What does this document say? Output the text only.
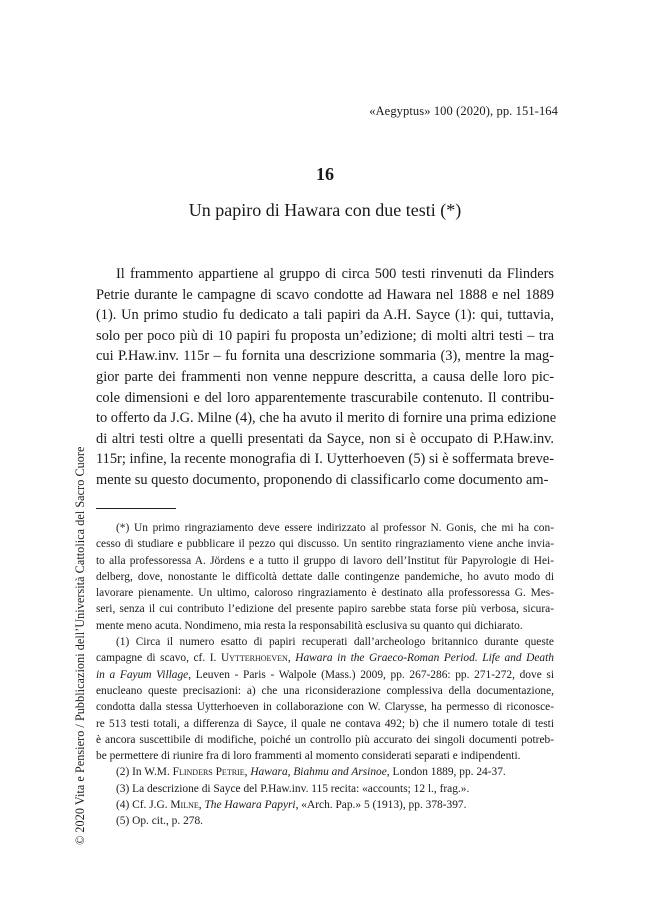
«Aegyptus» 100 (2020), pp. 151-164
16
Un papiro di Hawara con due testi (*)
Il frammento appartiene al gruppo di circa 500 testi rinvenuti da Flinders
Petrie durante le campagne di scavo condotte ad Hawara nel 1888 e nel 1889
(1). Un primo studio fu dedicato a tali papiri da A.H. Sayce (1): qui, tuttavia,
solo per poco più di 10 papiri fu proposta un’edizione; di molti altri testi – tra
cui P.Haw.inv. 115r – fu fornita una descrizione sommaria (3), mentre la mag-
gior parte dei frammenti non venne neppure descritta, a causa delle loro pic-
cole dimensioni e del loro apparentemente trascurabile contenuto. Il contribu-
to offerto da J.G. Milne (4), che ha avuto il merito di fornire una prima edizione
di altri testi oltre a quelli presentati da Sayce, non si è occupato di P.Haw.inv.
115r; infine, la recente monografia di I. Uytterhoeven (5) si è soffermata breve-
mente su questo documento, proponendo di classificarlo come documento am-
© 2020 Vita e Pensiero / Pubblicazioni dell’Università Cattolica del Sacro Cuore	(*) Un primo ringraziamento deve essere indirizzato al professor N. Gonis, che mi ha con-
cesso di studiare e pubblicare il pezzo qui discusso. Un sentito ringraziamento viene anche invia-
to alla professoressa A. Jördens e a tutto il gruppo di lavoro dell’Institut für Papyrologie di Hei-
delberg, dove, nonostante le difficoltà dettate dalle contingenze pandemiche, ho avuto modo di
lavorare pienamente. Un ultimo, caloroso ringraziamento è destinato alla professoressa G. Mes-
seri, senza il cui contributo l’edizione del presente papiro sarebbe stata forse più verbosa, sicura-
mente meno acuta. Nondimeno, mia resta la responsabilità esclusiva su quanto qui dichiarato.
(1) Circa il numero esatto di papiri recuperati dall’archeologo britannico durante queste
campagne di scavo, cf. I. Uytterhoeven, Hawara in the Graeco-Roman Period. Life and Death
in a Fayum Village, Leuven - Paris - Walpole (Mass.) 2009, pp. 267-286: pp. 271-272, dove si
enucleano queste precisazioni: a) che una riconsiderazione complessiva della documentazione,
condotta dalla stessa Uytterhoeven in collaborazione con W. Clarysse, ha permesso di riconosce-
re 513 testi totali, a differenza di Sayce, il quale ne contava 492; b) che il numero totale di testi
è ancora suscettibile di modifiche, poiché un controllo più accurato dei singoli documenti potreb-
be permettere di riunire fra di loro frammenti al momento considerati separati e indipendenti.
(2) In W.M. Flinders Petrie, Hawara, Biahmu and Arsinoe, London 1889, pp. 24-37.
(3) La descrizione di Sayce del P.Haw.inv. 115 recita: «accounts; 12 l., frag.».
(4) Cf. J.G. Milne, The Hawara Papyri, «Arch. Pap.» 5 (1913), pp. 378-397.
(5) Op. cit., p. 278.
